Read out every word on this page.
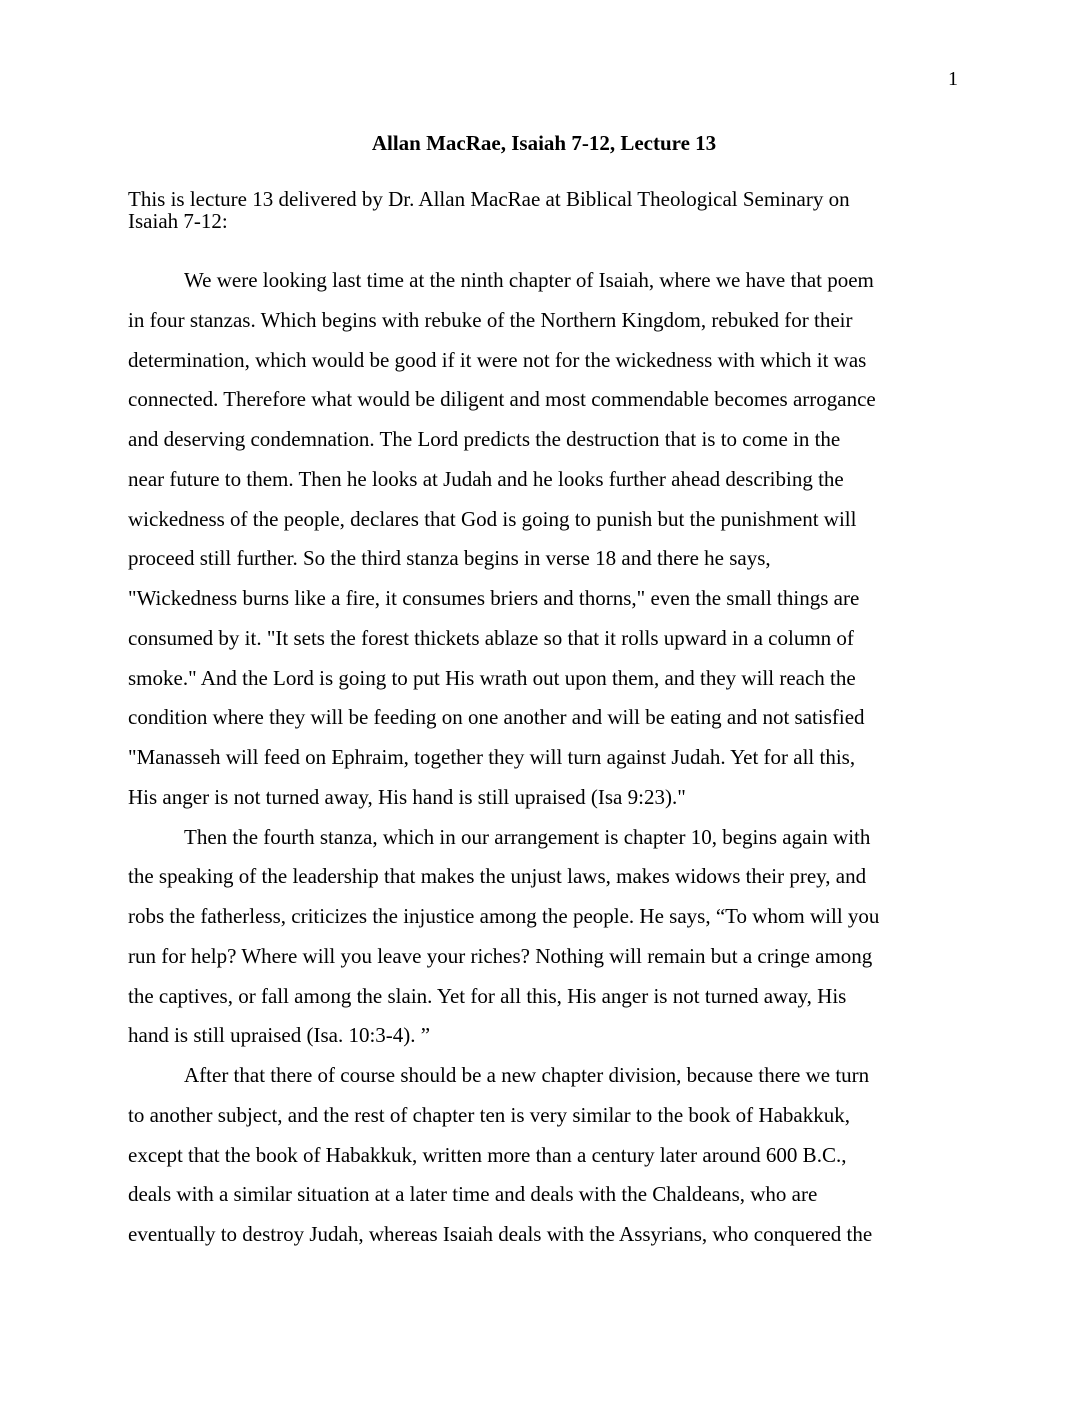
1
Allan MacRae, Isaiah 7-12, Lecture 13
This is lecture 13 delivered by Dr. Allan MacRae at Biblical Theological Seminary on
Isaiah 7-12:
We were looking last time at the ninth chapter of Isaiah, where we have that poem
in four stanzas. Which begins with rebuke of the Northern Kingdom, rebuked for their
determination, which would be good if it were not for the wickedness with which it was
connected. Therefore what would be diligent and most commendable becomes arrogance
and deserving condemnation. The Lord predicts the destruction that is to come in the
near future to them. Then he looks at Judah and he looks further ahead describing the
wickedness of the people, declares that God is going to punish but the punishment will
proceed still further. So the third stanza begins in verse 18 and there he says,
"Wickedness burns like a fire, it consumes briers and thorns," even the small things are
consumed by it. "It sets the forest thickets ablaze so that it rolls upward in a column of
smoke." And the Lord is going to put His wrath out upon them, and they will reach the
condition where they will be feeding on one another and will be eating and not satisfied
"Manasseh will feed on Ephraim, together they will turn against Judah. Yet for all this,
His anger is not turned away, His hand is still upraised (Isa 9:23)."
Then the fourth stanza, which in our arrangement is chapter 10, begins again with
the speaking of the leadership that makes the unjust laws, makes widows their prey, and
robs the fatherless, criticizes the injustice among the people. He says, “To whom will you
run for help? Where will you leave your riches? Nothing will remain but a cringe among
the captives, or fall among the slain. Yet for all this, His anger is not turned away, His
hand is still upraised (Isa. 10:3-4). ”
After that there of course should be a new chapter division, because there we turn
to another subject, and the rest of chapter ten is very similar to the book of Habakkuk,
except that the book of Habakkuk, written more than a century later around 600 B.C.,
deals with a similar situation at a later time and deals with the Chaldeans, who are
eventually to destroy Judah, whereas Isaiah deals with the Assyrians, who conquered the
